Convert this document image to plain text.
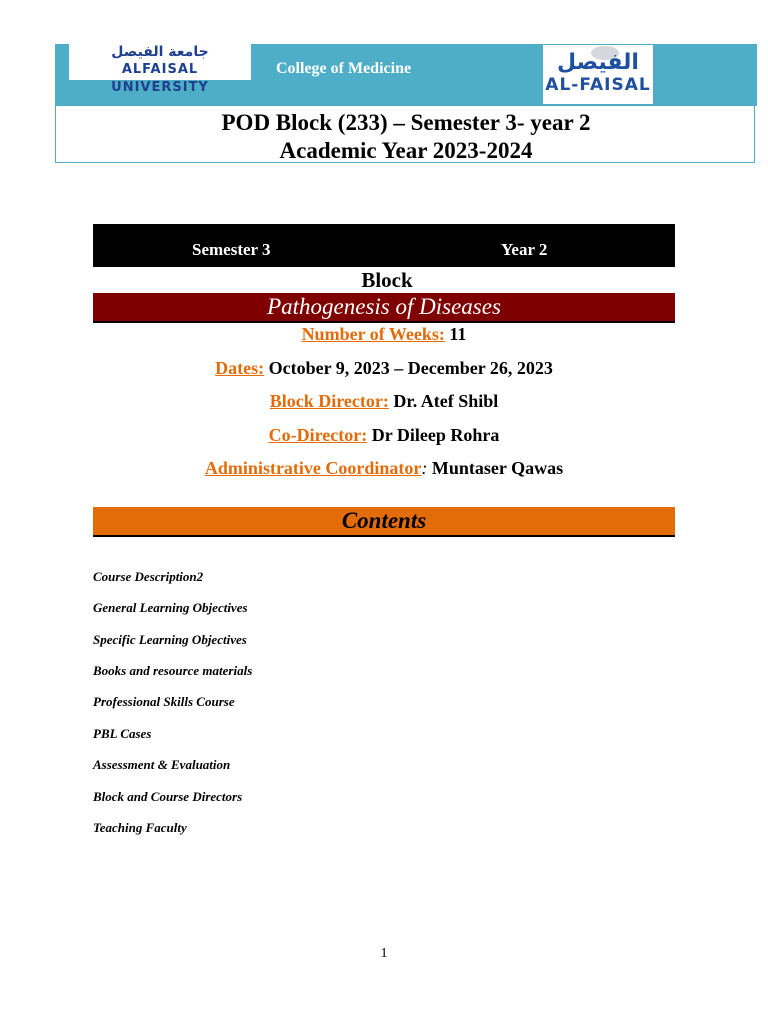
جامعة الفيصل
ALFAISAL UNIVERSITY
College of Medicine	الفيصل
AL-FAISAL
POD Block (233) – Semester 3- year 2
Academic Year 2023-2024
Semester 3	Year 2
Block
Pathogenesis of Diseases
Number of Weeks: 11
Dates: October 9, 2023 – December 26, 2023
Block Director: Dr. Atef Shibl
Co-Director: Dr Dileep Rohra
Administrative Coordinator: Muntaser Qawas
Contents
Course Description2
General Learning Objectives
Specific Learning Objectives
Books and resource materials
Professional Skills Course
PBL Cases
Assessment & Evaluation
Block and Course Directors
Teaching Faculty
1
